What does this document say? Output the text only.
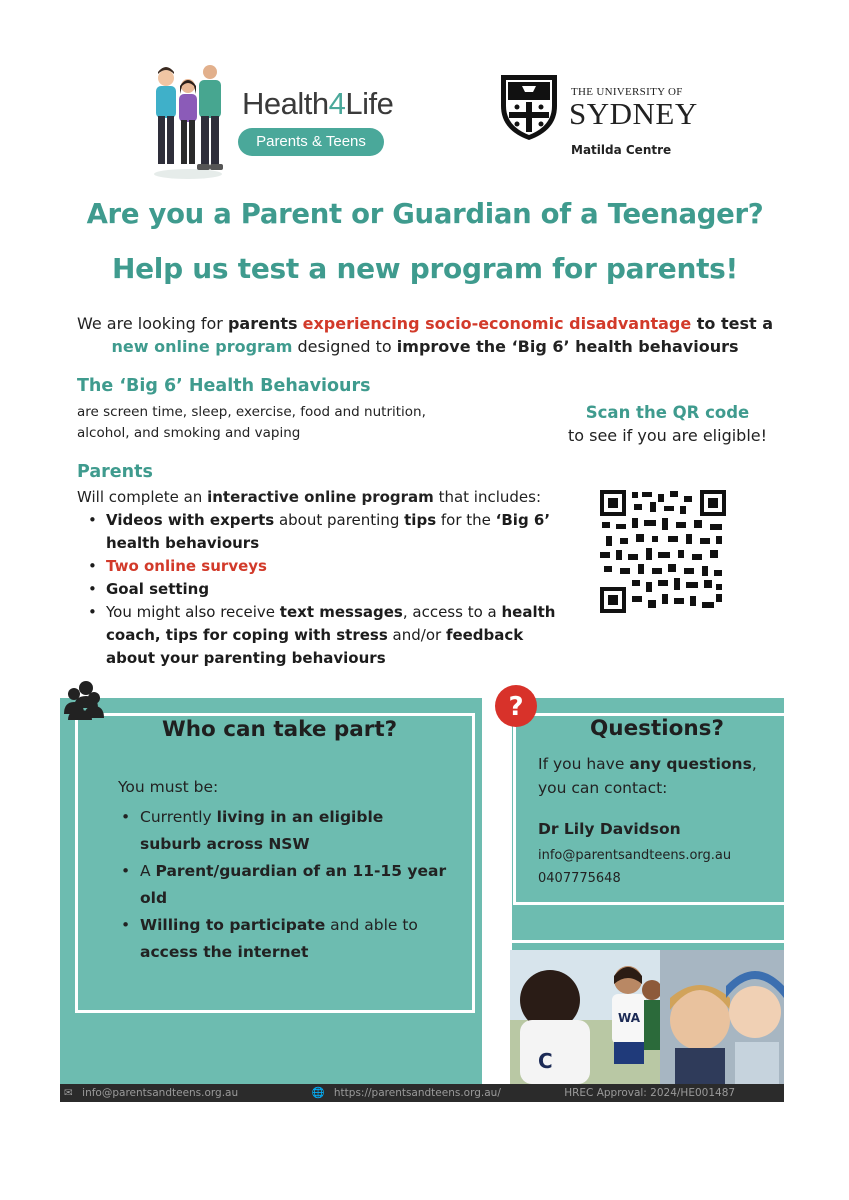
Health4Life
Parents & Teens
THE UNIVERSITY OF
SYDNEY
Matilda Centre
Are you a Parent or Guardian of a Teenager?
Help us test a new program for parents!
We are looking for parents experiencing socio-economic disadvantage to test a
new online program designed to improve the ‘Big 6’ health behaviours
The ‘Big 6’ Health Behaviours
are screen time, sleep, exercise, food and nutrition,
alcohol, and smoking and vaping
Scan the QR code
to see if you are eligible!
Parents
Will complete an interactive online program that includes:
• Videos with experts about parenting tips for the ‘Big 6’ health behaviours
• Two online surveys
• Goal setting
• You might also receive text messages, access to a health coach, tips for coping with stress and/or feedback about your parenting behaviours
Who can take part?
You must be:
• Currently living in an eligible suburb across NSW
• A Parent/guardian of an 11-15 year old
• Willing to participate and able to access the internet
?
Questions?
If you have any questions,
you can contact:
Dr Lily Davidson
info@parentsandteens.org.au
0407775648
C
WA
✉ info@parentsandteens.org.au	🌐 https://parentsandteens.org.au/	HREC Approval: 2024/HE001487
